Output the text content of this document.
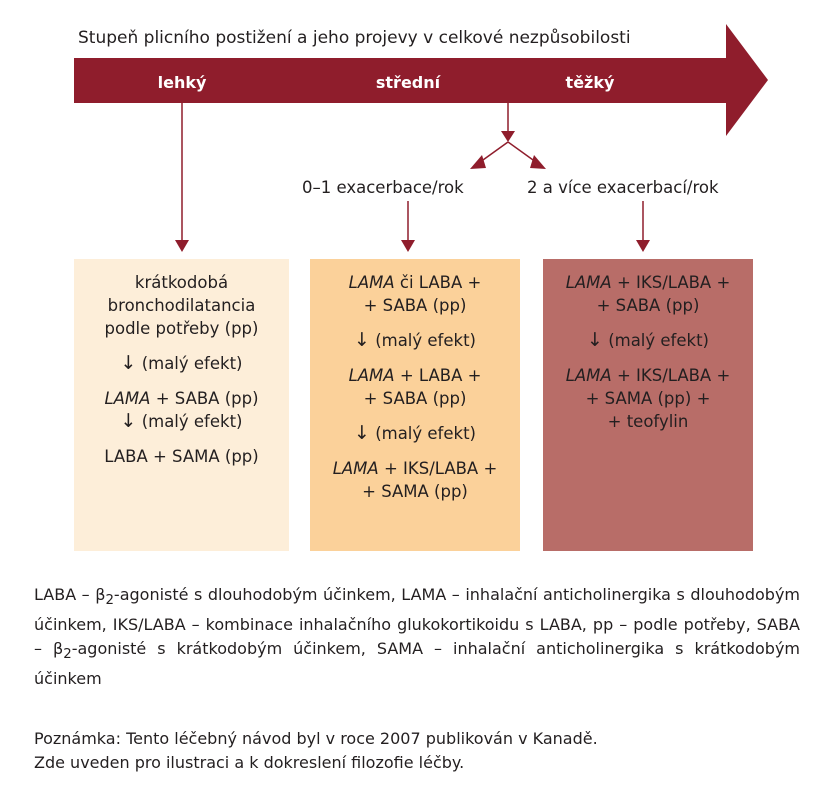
Stupeň plicního postižení a jeho projevy v celkové nezpůsobilosti
lehký	střední	těžký
0–1 exacerbace/rok	2 a více exacerbací/rok
krátkodobá
bronchodilatancia
podle potřeby (pp)
↓ (malý efekt)
LAMA + SABA (pp)
↓ (malý efekt)
LABA + SAMA (pp)
LAMA či LABA +
+ SABA (pp)
↓ (malý efekt)
LAMA + LABA +
+ SABA (pp)
↓ (malý efekt)
LAMA + IKS/LABA +
+ SAMA (pp)
LAMA + IKS/LABA +
+ SABA (pp)
↓ (malý efekt)
LAMA + IKS/LABA +
+ SAMA (pp) +
+ teofylin
LABA – $\beta_2$-agonisté s dlouhodobým účinkem, LAMA – inhalační anticholinergika s dlouhodobým účinkem, IKS/LABA – kombinace inhalačního glukokortikoidu s LABA, pp – podle potřeby, SABA – $\beta_2$-agonisté s krátkodobým účinkem, SAMA – inhalační anticholinergika s krátkodobým účinkem
Poznámka: Tento léčebný návod byl v roce 2007 publikován v Kanadě.
Zde uveden pro ilustraci a k dokreslení filozofie léčby.
